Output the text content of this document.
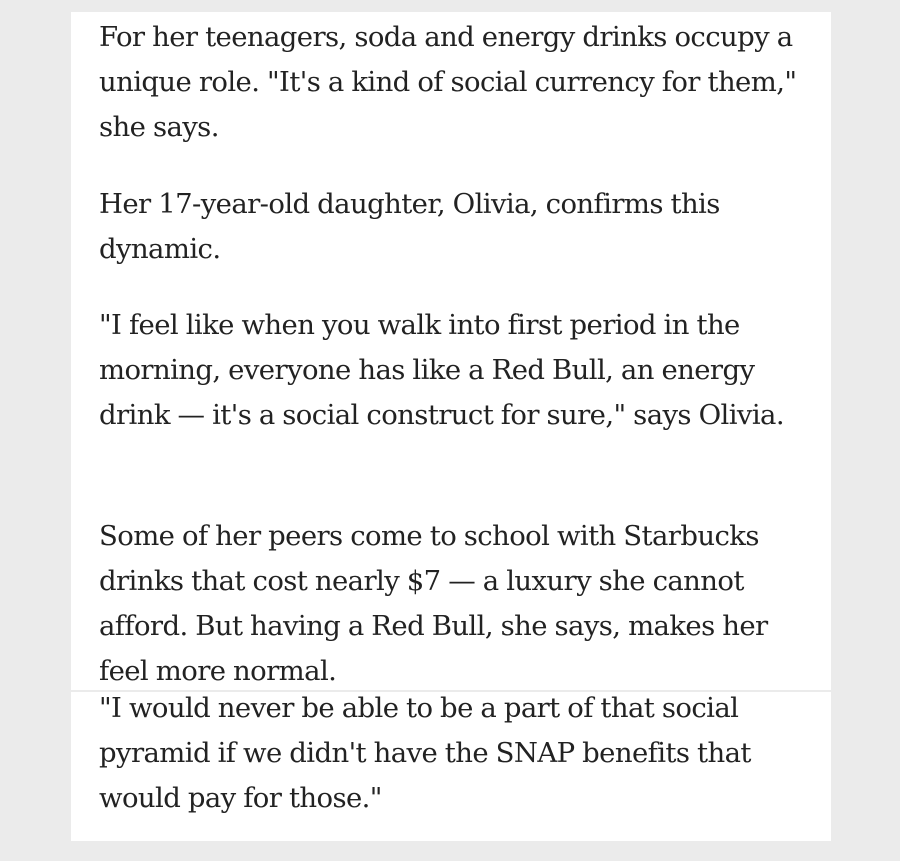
For her teenagers, soda and energy drinks occupy a unique role. "It's a kind of social currency for them," she says.

Her 17-year-old daughter, Olivia, confirms this dynamic.

"I feel like when you walk into first period in the morning, everyone has like a Red Bull, an energy drink — it's a social construct for sure," says Olivia.

Some of her peers come to school with Starbucks drinks that cost nearly $7 — a luxury she cannot afford. But having a Red Bull, she says, makes her feel more normal.

"I would never be able to be a part of that social pyramid if we didn't have the SNAP benefits that would pay for those."
